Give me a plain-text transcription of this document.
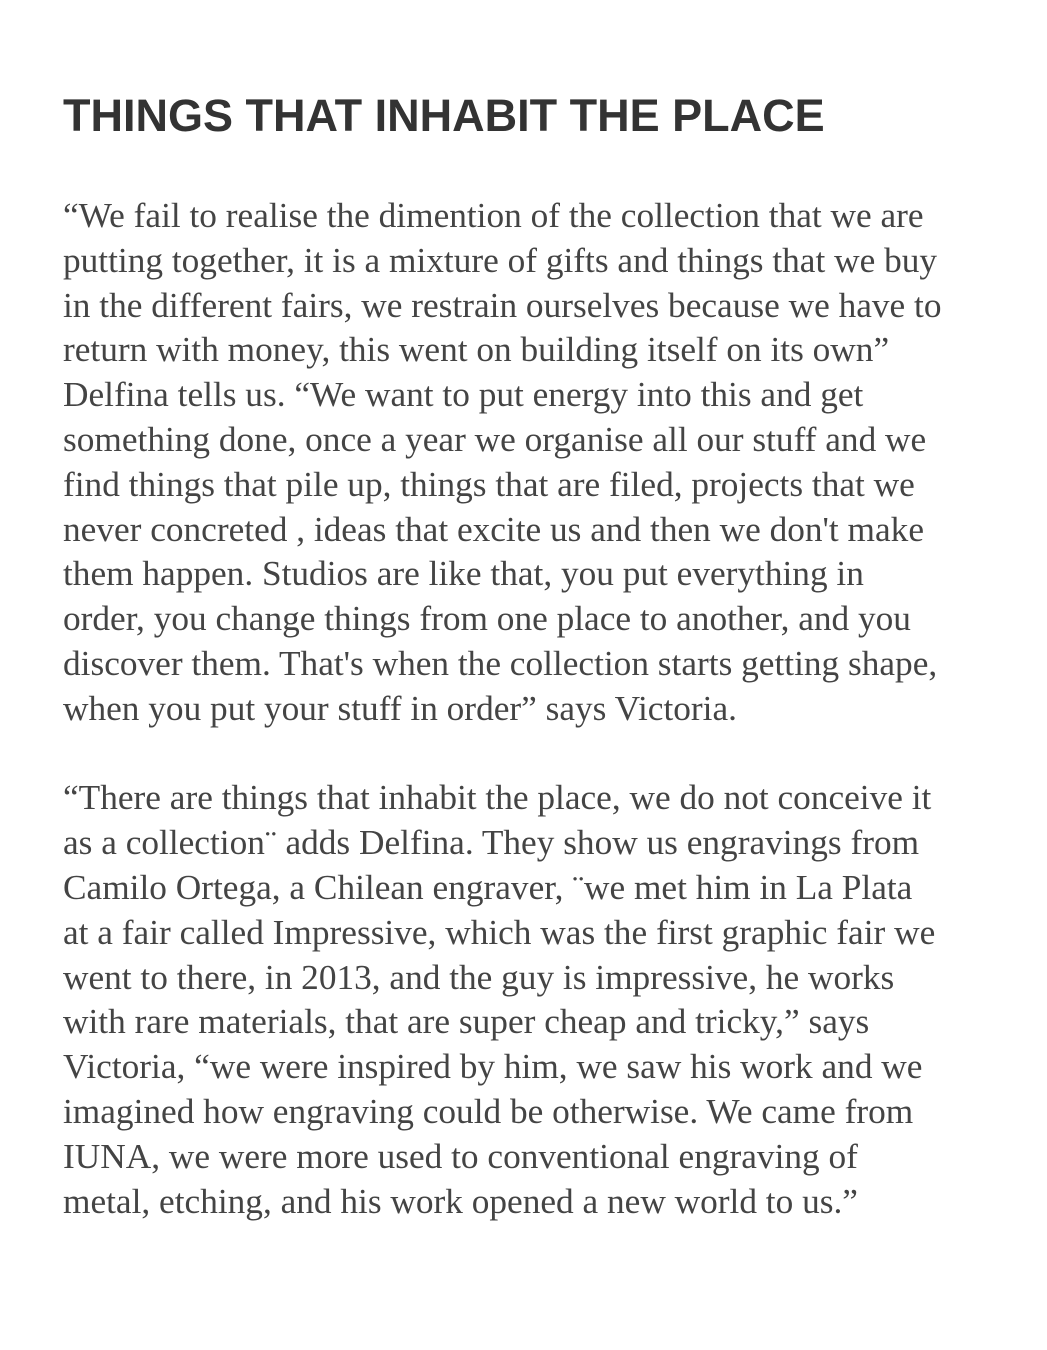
THINGS THAT INHABIT THE PLACE

“We fail to realise the dimention of the collection that we are
putting together, it is a mixture of gifts and things that we buy
in the different fairs, we restrain ourselves because we have to
return with money, this went on building itself on its own”
Delfina tells us. “We want to put energy into this and get
something done, once a year we organise all our stuff and we
find things that pile up, things that are filed, projects that we
never concreted , ideas that excite us and then we don't make
them happen. Studios are like that, you put everything in
order, you change things from one place to another, and you
discover them. That's when the collection starts getting shape,
when you put your stuff in order” says Victoria.

“There are things that inhabit the place, we do not conceive it
as a collection¨ adds Delfina. They show us engravings from
Camilo Ortega, a Chilean engraver, ¨we met him in La Plata
at a fair called Impressive, which was the first graphic fair we
went to there, in 2013, and the guy is impressive, he works
with rare materials, that are super cheap and tricky,” says
Victoria, “we were inspired by him, we saw his work and we
imagined how engraving could be otherwise. We came from
IUNA, we were more used to conventional engraving of
metal, etching, and his work opened a new world to us.”
